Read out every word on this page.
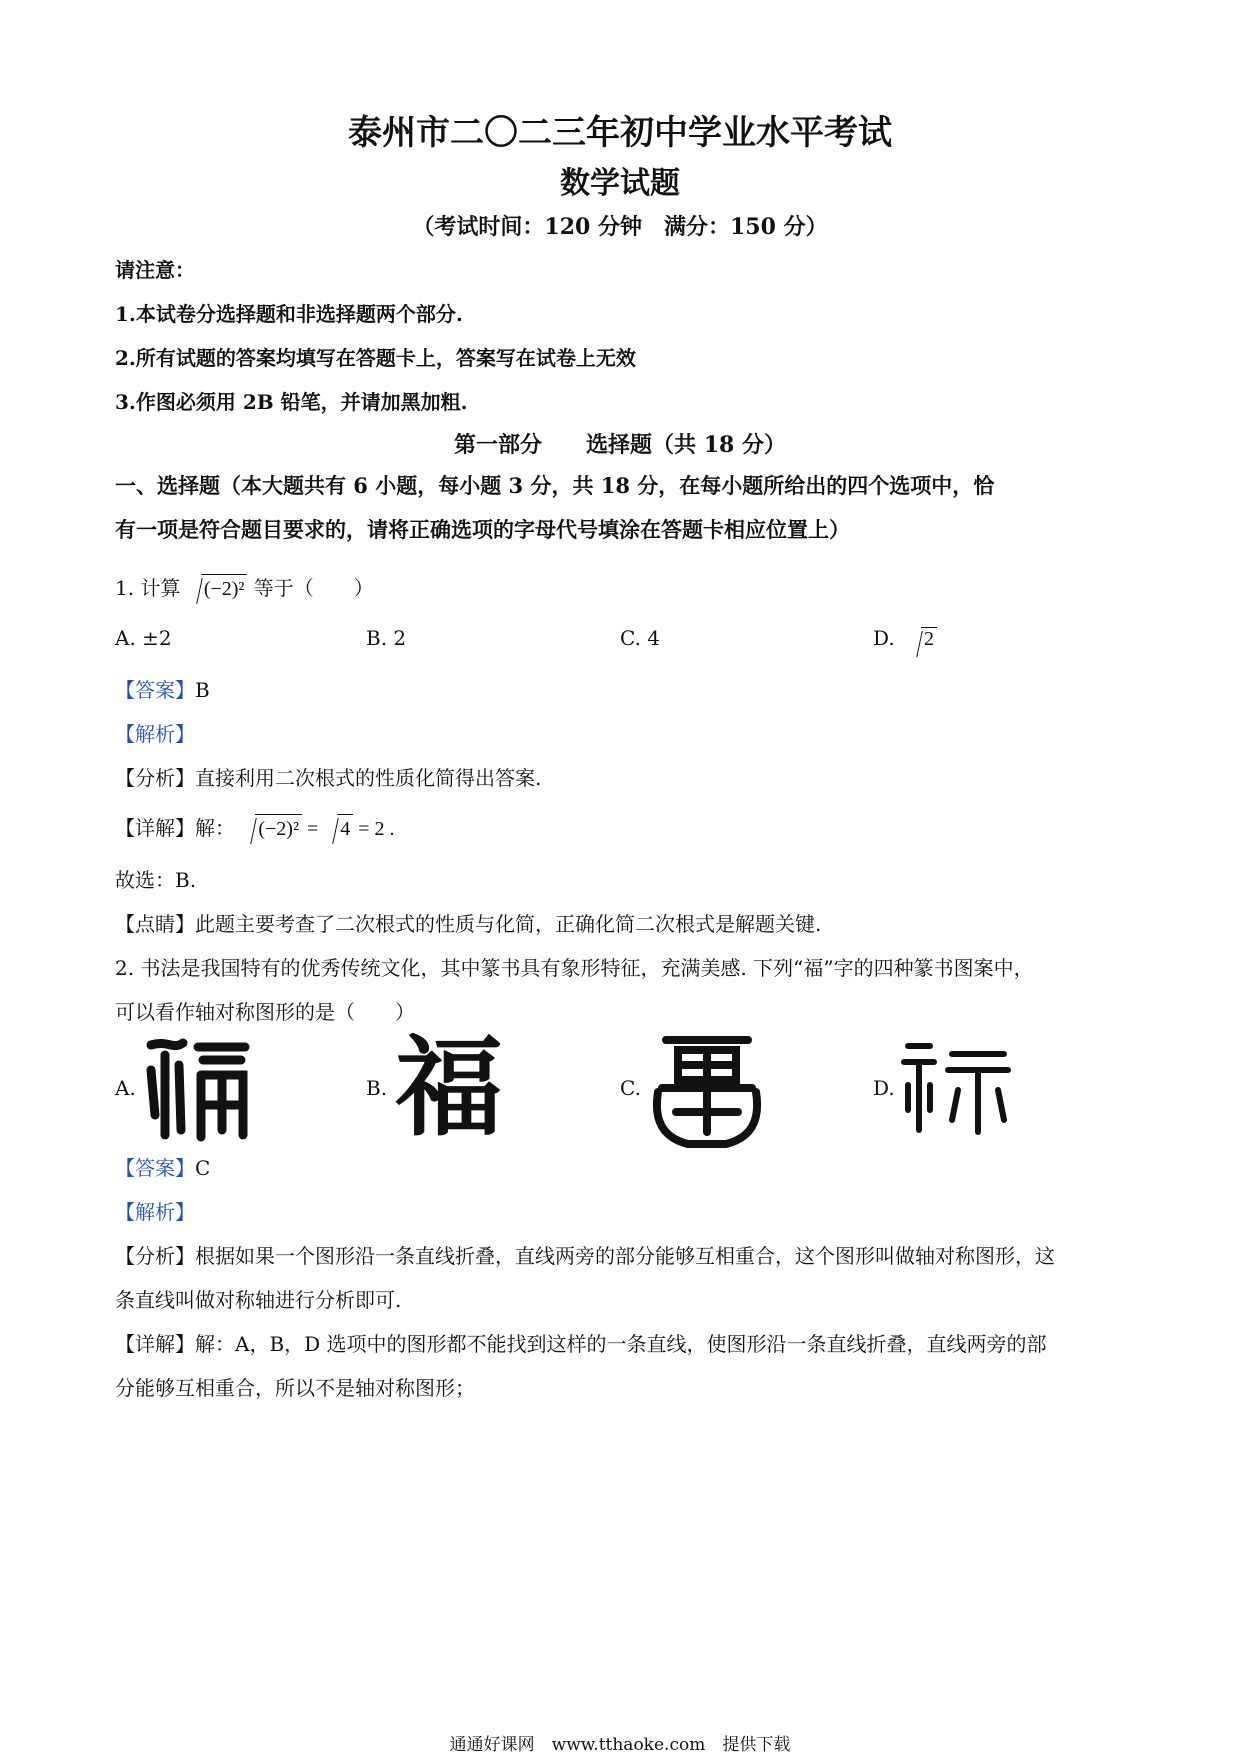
泰州市二〇二三年初中学业水平考试
数学试题
（考试时间：120 分钟　满分：150 分）
请注意：
1.本试卷分选择题和非选择题两个部分.
2.所有试题的答案均填写在答题卡上，答案写在试卷上无效
3.作图必须用 2B 铅笔，并请加黑加粗.
第一部分　　选择题（共 18 分）
一、选择题（本大题共有 6 小题，每小题 3 分，共 18 分，在每小题所给出的四个选项中，恰
有一项是符合题目要求的，请将正确选项的字母代号填涂在答题卡相应位置上）
1. 计算 (−2)² 等于（　　）
A. ±2	B. 2	C. 4	D. 2
【答案】B
【解析】
【分析】直接利用二次根式的性质化简得出答案.
【详解】解： (−2)² = 4 = 2 .
故选：B.
【点睛】此题主要考查了二次根式的性质与化简，正确化简二次根式是解题关键.
2. 书法是我国特有的优秀传统文化，其中篆书具有象形特征，充满美感. 下列“福”字的四种篆书图案中，
可以看作轴对称图形的是（　　）
A.	B.	C.	D.
福
【答案】C
【解析】
【分析】根据如果一个图形沿一条直线折叠，直线两旁的部分能够互相重合，这个图形叫做轴对称图形，这
条直线叫做对称轴进行分析即可.
【详解】解：A，B，D 选项中的图形都不能找到这样的一条直线，使图形沿一条直线折叠，直线两旁的部
分能够互相重合，所以不是轴对称图形；
通通好课网　www.tthaoke.com　提供下载
